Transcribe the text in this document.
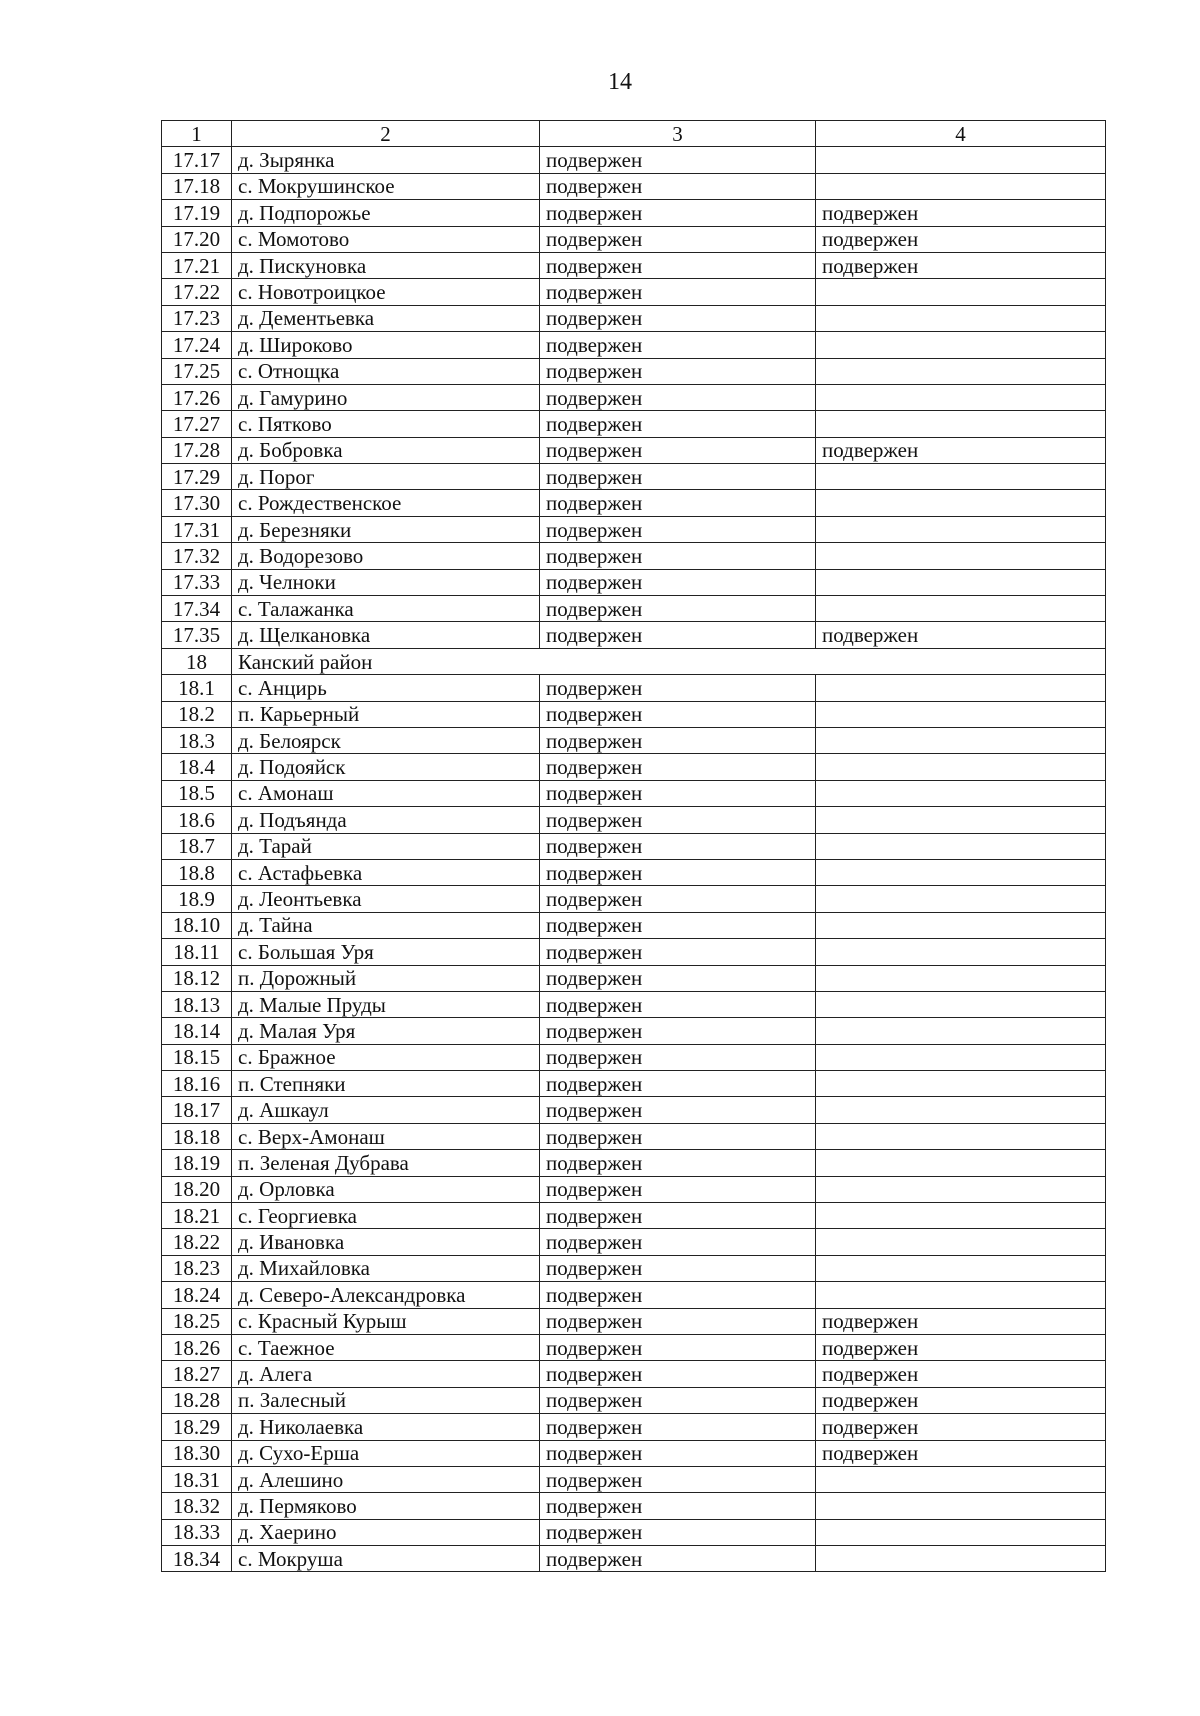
14
1	2	3	4
17.17	д. Зырянка	подвержен	
17.18	с. Мокрушинское	подвержен	
17.19	д. Подпорожье	подвержен	подвержен
17.20	с. Момотово	подвержен	подвержен
17.21	д. Пискуновка	подвержен	подвержен
17.22	с. Новотроицкое	подвержен	
17.23	д. Дементьевка	подвержен	
17.24	д. Широково	подвержен	
17.25	с. Отнощка	подвержен	
17.26	д. Гамурино	подвержен	
17.27	с. Пятково	подвержен	
17.28	д. Бобровка	подвержен	подвержен
17.29	д. Порог	подвержен	
17.30	с. Рождественское	подвержен	
17.31	д. Березняки	подвержен	
17.32	д. Водорезово	подвержен	
17.33	д. Челноки	подвержен	
17.34	с. Талажанка	подвержен	
17.35	д. Щелкановка	подвержен	подвержен
18	Канский район		
18.1	с. Анцирь	подвержен	
18.2	п. Карьерный	подвержен	
18.3	д. Белоярск	подвержен	
18.4	д. Подояйск	подвержен	
18.5	с. Амонаш	подвержен	
18.6	д. Подъянда	подвержен	
18.7	д. Тарай	подвержен	
18.8	с. Астафьевка	подвержен	
18.9	д. Леонтьевка	подвержен	
18.10	д. Тайна	подвержен	
18.11	с. Большая Уря	подвержен	
18.12	п. Дорожный	подвержен	
18.13	д. Малые Пруды	подвержен	
18.14	д. Малая Уря	подвержен	
18.15	с. Бражное	подвержен	
18.16	п. Степняки	подвержен	
18.17	д. Ашкаул	подвержен	
18.18	с. Верх-Амонаш	подвержен	
18.19	п. Зеленая Дубрава	подвержен	
18.20	д. Орловка	подвержен	
18.21	с. Георгиевка	подвержен	
18.22	д. Ивановка	подвержен	
18.23	д. Михайловка	подвержен	
18.24	д. Северо-Александровка	подвержен	
18.25	с. Красный Курыш	подвержен	подвержен
18.26	с. Таежное	подвержен	подвержен
18.27	д. Алега	подвержен	подвержен
18.28	п. Залесный	подвержен	подвержен
18.29	д. Николаевка	подвержен	подвержен
18.30	д. Сухо-Ерша	подвержен	подвержен
18.31	д. Алешино	подвержен	
18.32	д. Пермяково	подвержен	
18.33	д. Хаерино	подвержен	
18.34	с. Мокруша	подвержен	
